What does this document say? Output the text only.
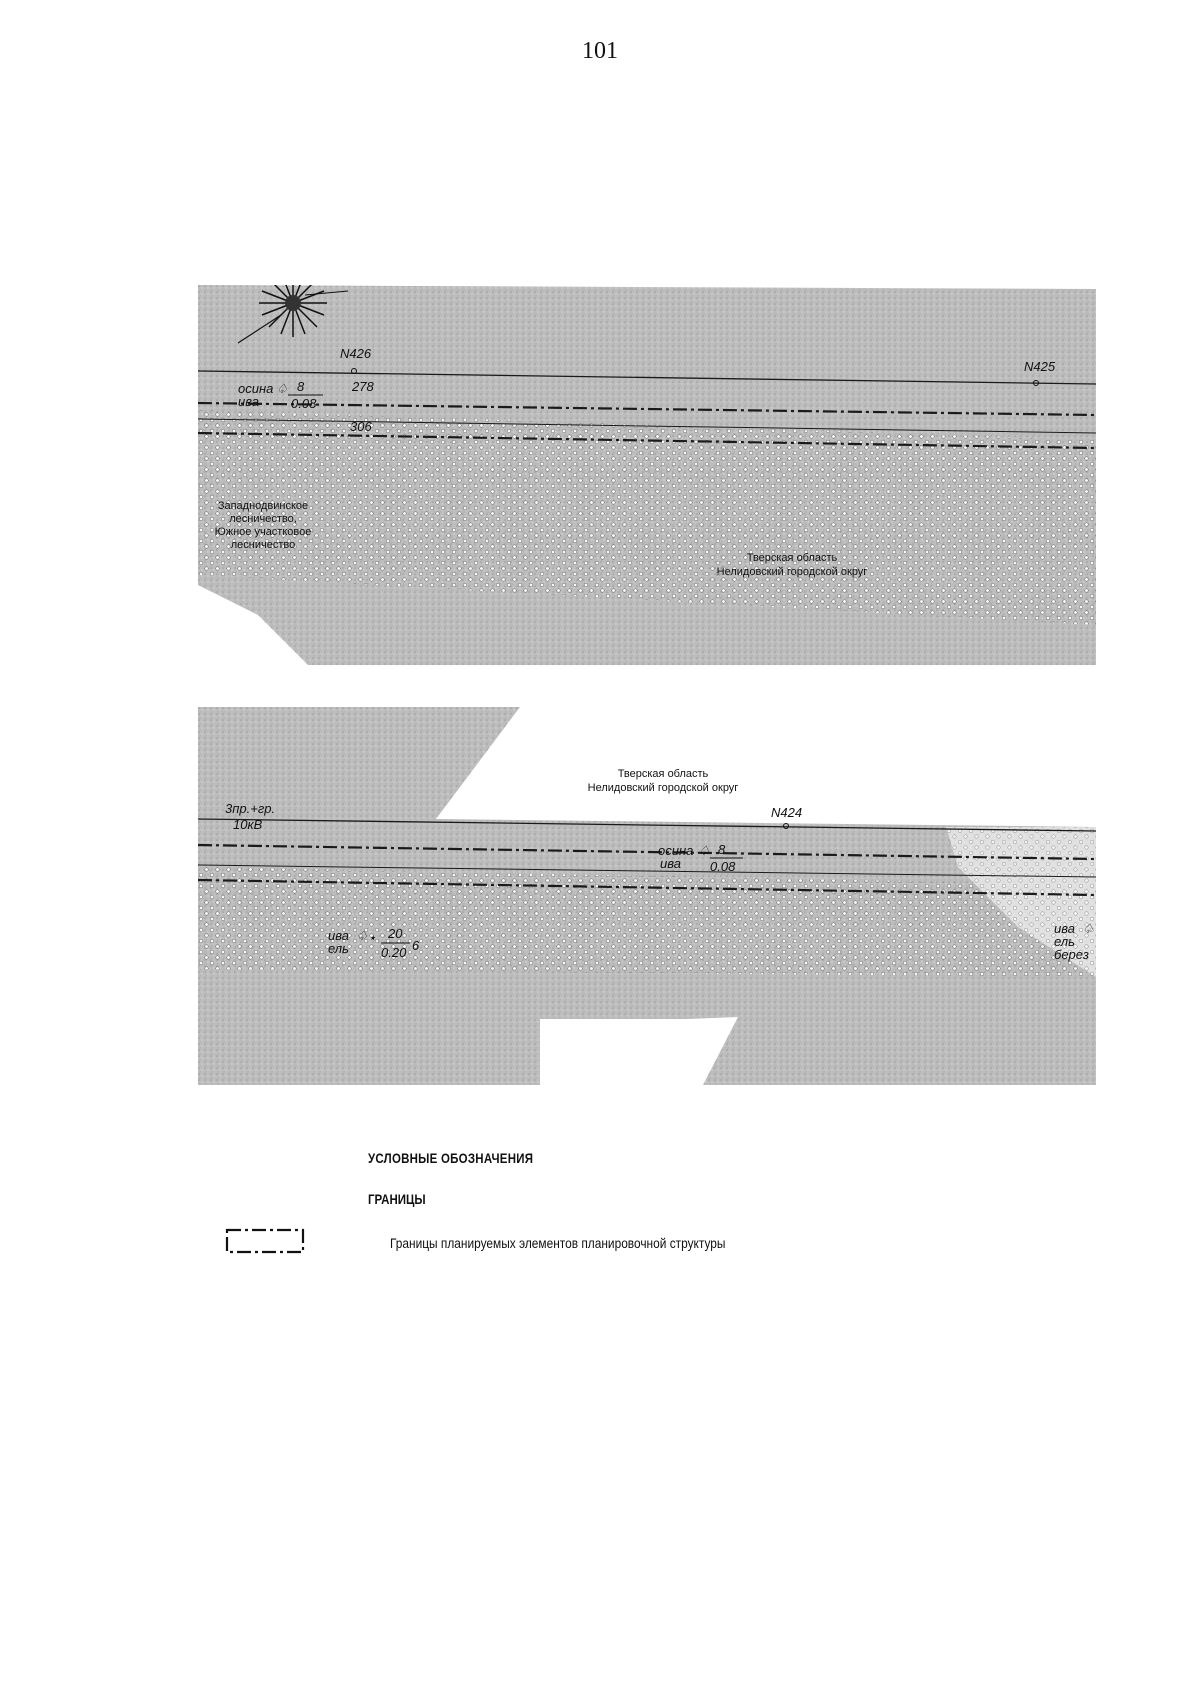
101
N426
N425
осина
ива
♤ 8
0.08
278
306
Западнодвинское
лесничество,
Южное участковое
лесничество
Тверская область
Нелидовский городской округ
Тверская область
Нелидовский городской округ
3пр.+гр.
10кВ
N424
осина
ива
♤ 8
0.08
ива
ель
♤ ⋆ 20
0.20 6
ива
ель
берез
♤
УСЛОВНЫЕ ОБОЗНАЧЕНИЯ
ГРАНИЦЫ
Границы планируемых элементов планировочной структуры
